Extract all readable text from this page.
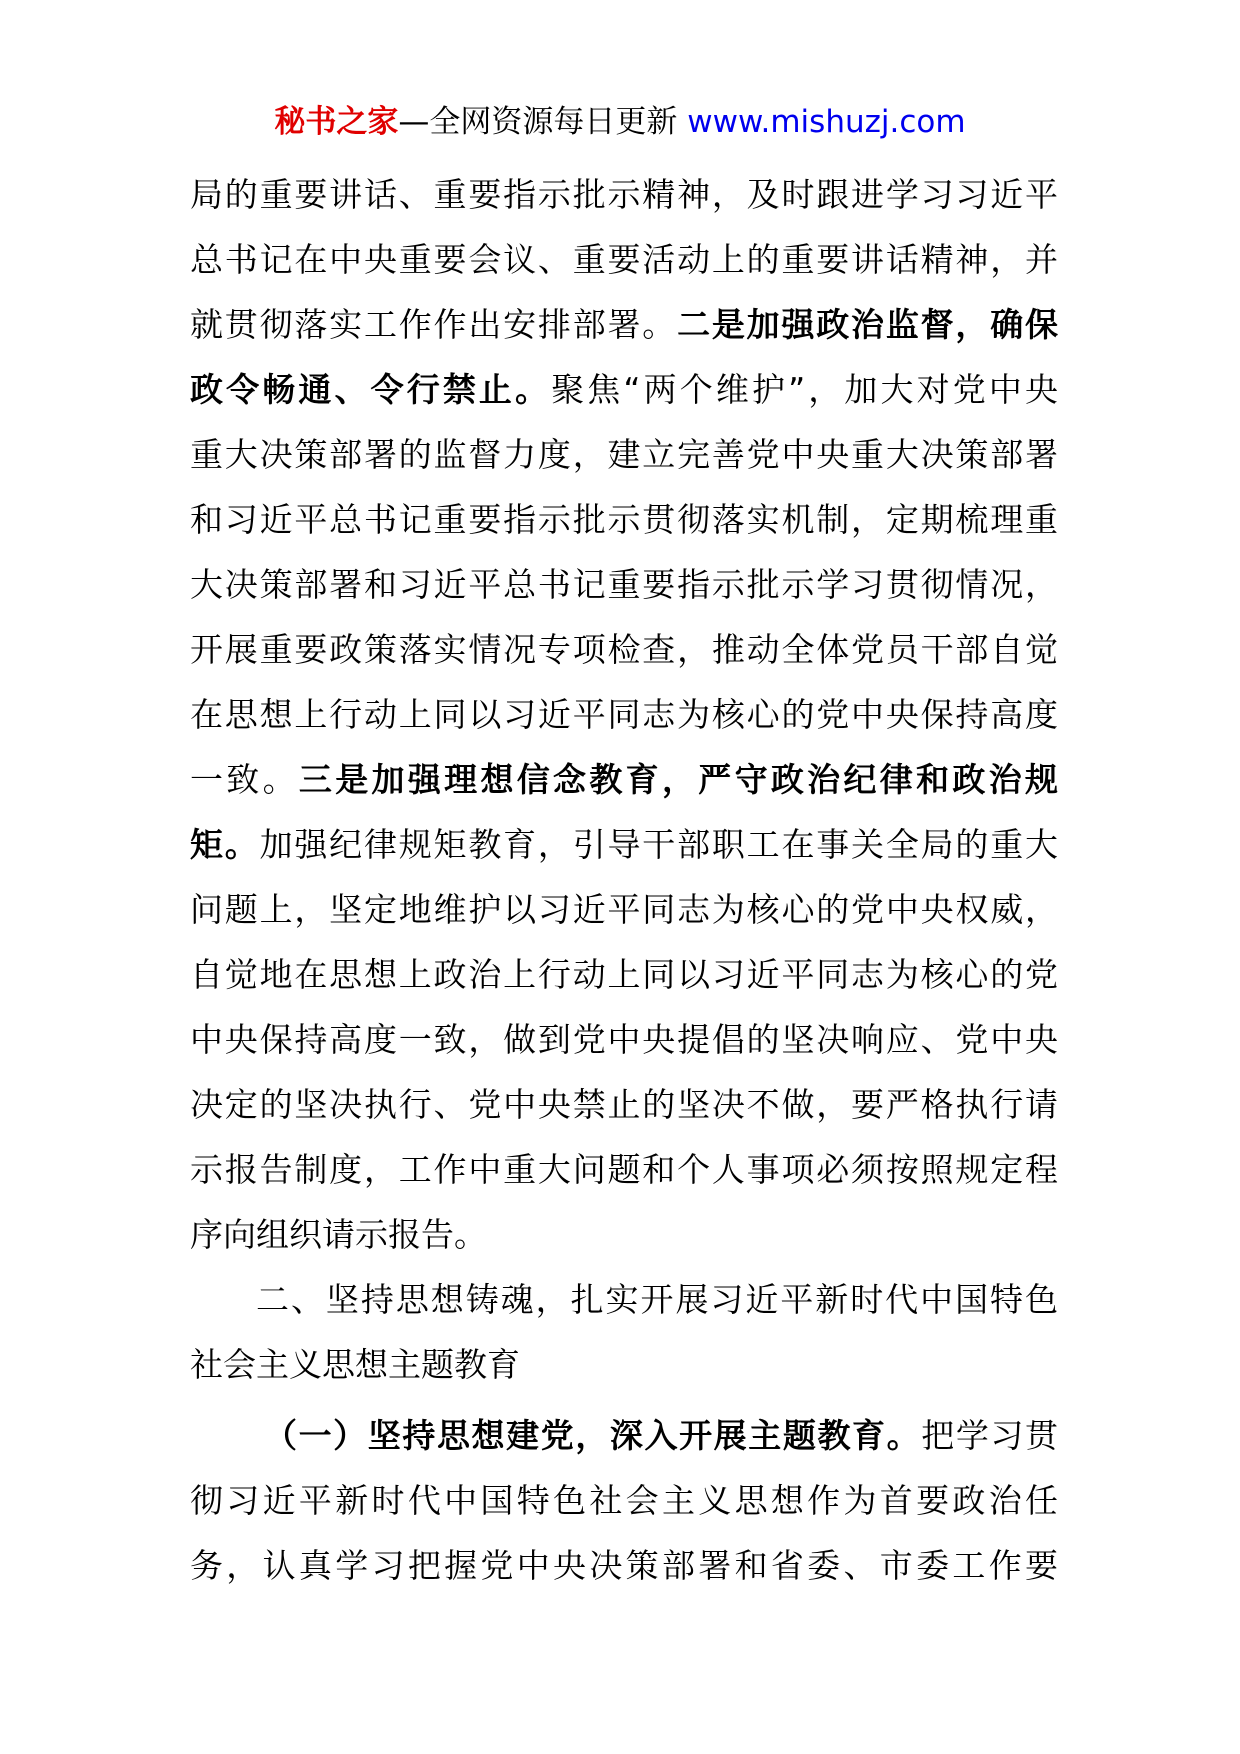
秘书之家—全网资源每日更新 www.mishuzj.com
局的重要讲话、重要指示批示精神，及时跟进学习习近平
总书记在中央重要会议、重要活动上的重要讲话精神，并
就贯彻落实工作作出安排部署。二是加强政治监督，确保
政令畅通、令行禁止。聚焦“两个维护”，加大对党中央
重大决策部署的监督力度，建立完善党中央重大决策部署
和习近平总书记重要指示批示贯彻落实机制，定期梳理重
大决策部署和习近平总书记重要指示批示学习贯彻情况，
开展重要政策落实情况专项检查，推动全体党员干部自觉
在思想上行动上同以习近平同志为核心的党中央保持高度
一致。三是加强理想信念教育，严守政治纪律和政治规
矩。加强纪律规矩教育，引导干部职工在事关全局的重大
问题上，坚定地维护以习近平同志为核心的党中央权威，
自觉地在思想上政治上行动上同以习近平同志为核心的党
中央保持高度一致，做到党中央提倡的坚决响应、党中央
决定的坚决执行、党中央禁止的坚决不做，要严格执行请
示报告制度，工作中重大问题和个人事项必须按照规定程
序向组织请示报告。
二、坚持思想铸魂，扎实开展习近平新时代中国特色
社会主义思想主题教育
（一）坚持思想建党，深入开展主题教育。把学习贯
彻习近平新时代中国特色社会主义思想作为首要政治任
务，认真学习把握党中央决策部署和省委、市委工作要
